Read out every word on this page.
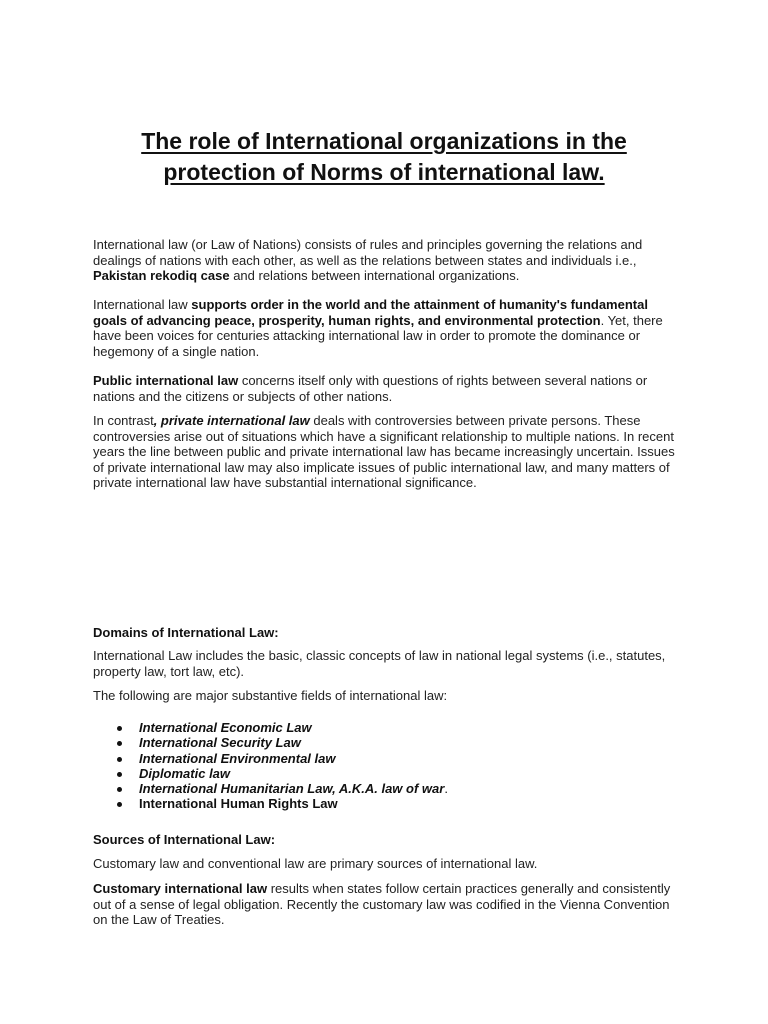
The role of International organizations in the
protection of Norms of international law.

International law (or Law of Nations) consists of rules and principles governing the relations and dealings of nations with each other, as well as the relations between states and individuals i.e., Pakistan rekodiq case and relations between international organizations.

International law supports order in the world and the attainment of humanity's fundamental goals of advancing peace, prosperity, human rights, and environmental protection. Yet, there have been voices for centuries attacking international law in order to promote the dominance or hegemony of a single nation.

Public international law concerns itself only with questions of rights between several nations or nations and the citizens or subjects of other nations.

In contrast, private international law deals with controversies between private persons. These controversies arise out of situations which have a significant relationship to multiple nations. In recent years the line between public and private international law has became increasingly uncertain. Issues of private international law may also implicate issues of public international law, and many matters of private international law have substantial international significance.

Domains of International Law:

International Law includes the basic, classic concepts of law in national legal systems (i.e., statutes, property law, tort law, etc).

The following are major substantive fields of international law:

International Economic Law
International Security Law
International Environmental law
Diplomatic law
International Humanitarian Law, A.K.A. law of war.
International Human Rights Law

Sources of International Law:

Customary law and conventional law are primary sources of international law.

Customary international law results when states follow certain practices generally and consistently out of a sense of legal obligation. Recently the customary law was codified in the Vienna Convention on the Law of Treaties.
